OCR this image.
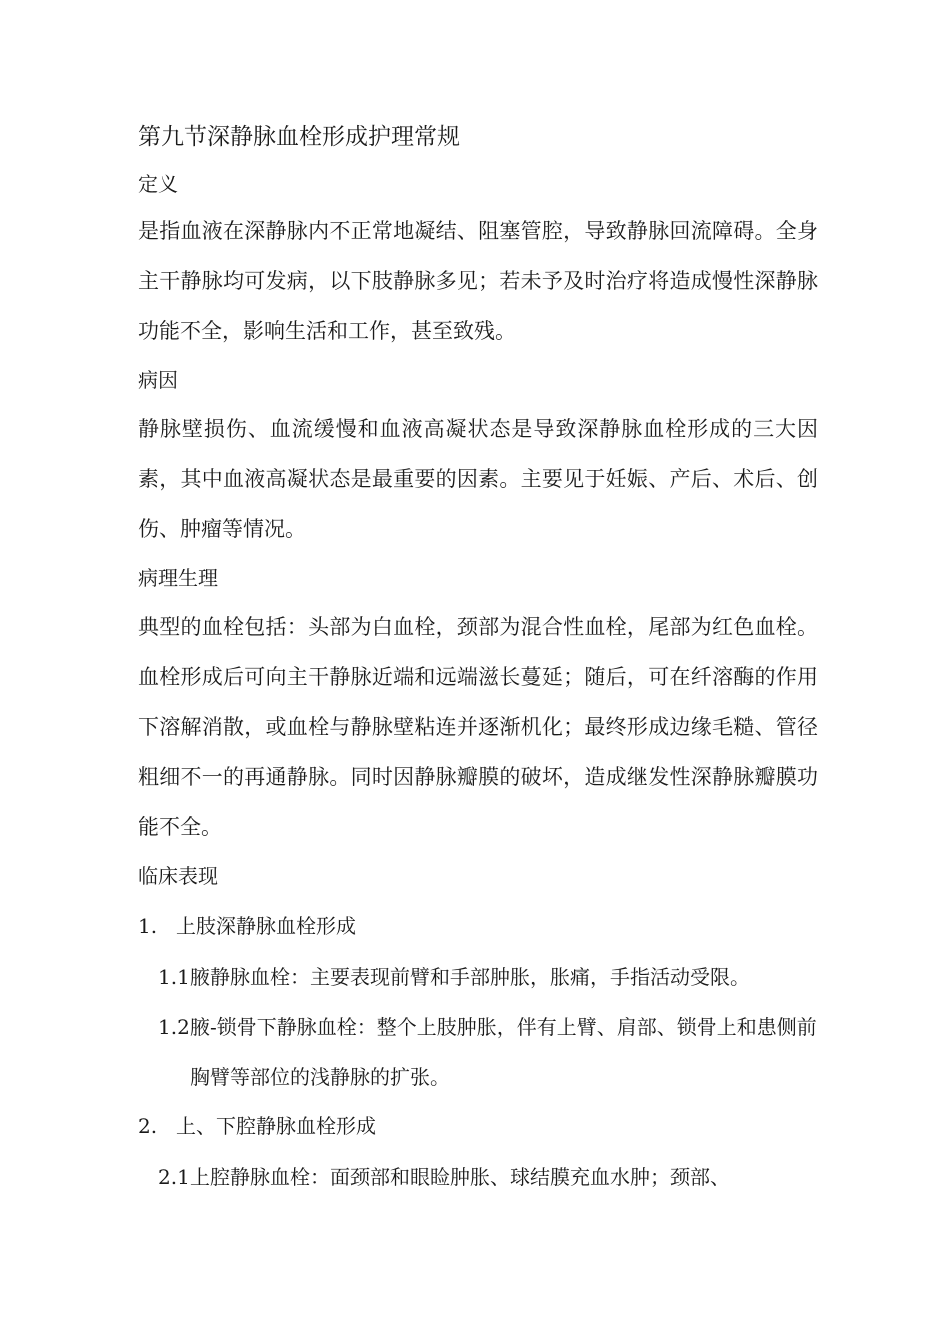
第九节深静脉血栓形成护理常规
定义
是指血液在深静脉内不正常地凝结、阻塞管腔，导致静脉回流障碍。全身主干静脉均可发病，以下肢静脉多见；若未予及时治疗将造成慢性深静脉功能不全，影响生活和工作，甚至致残。
病因
静脉壁损伤、血流缓慢和血液高凝状态是导致深静脉血栓形成的三大因素，其中血液高凝状态是最重要的因素。主要见于妊娠、产后、术后、创伤、肿瘤等情况。
病理生理
典型的血栓包括：头部为白血栓，颈部为混合性血栓，尾部为红色血栓。血栓形成后可向主干静脉近端和远端滋长蔓延；随后，可在纤溶酶的作用下溶解消散，或血栓与静脉壁粘连并逐渐机化；最终形成边缘毛糙、管径粗细不一的再通静脉。同时因静脉瓣膜的破坏，造成继发性深静脉瓣膜功能不全。
临床表现
1. 上肢深静脉血栓形成
1.1 腋静脉血栓：主要表现前臂和手部肿胀，胀痛，手指活动受限。
1.2 腋-锁骨下静脉血栓：整个上肢肿胀，伴有上臂、肩部、锁骨上和患侧前胸臂等部位的浅静脉的扩张。
2. 上、下腔静脉血栓形成
2.1 上腔静脉血栓：面颈部和眼睑肿胀、球结膜充血水肿；颈部、
